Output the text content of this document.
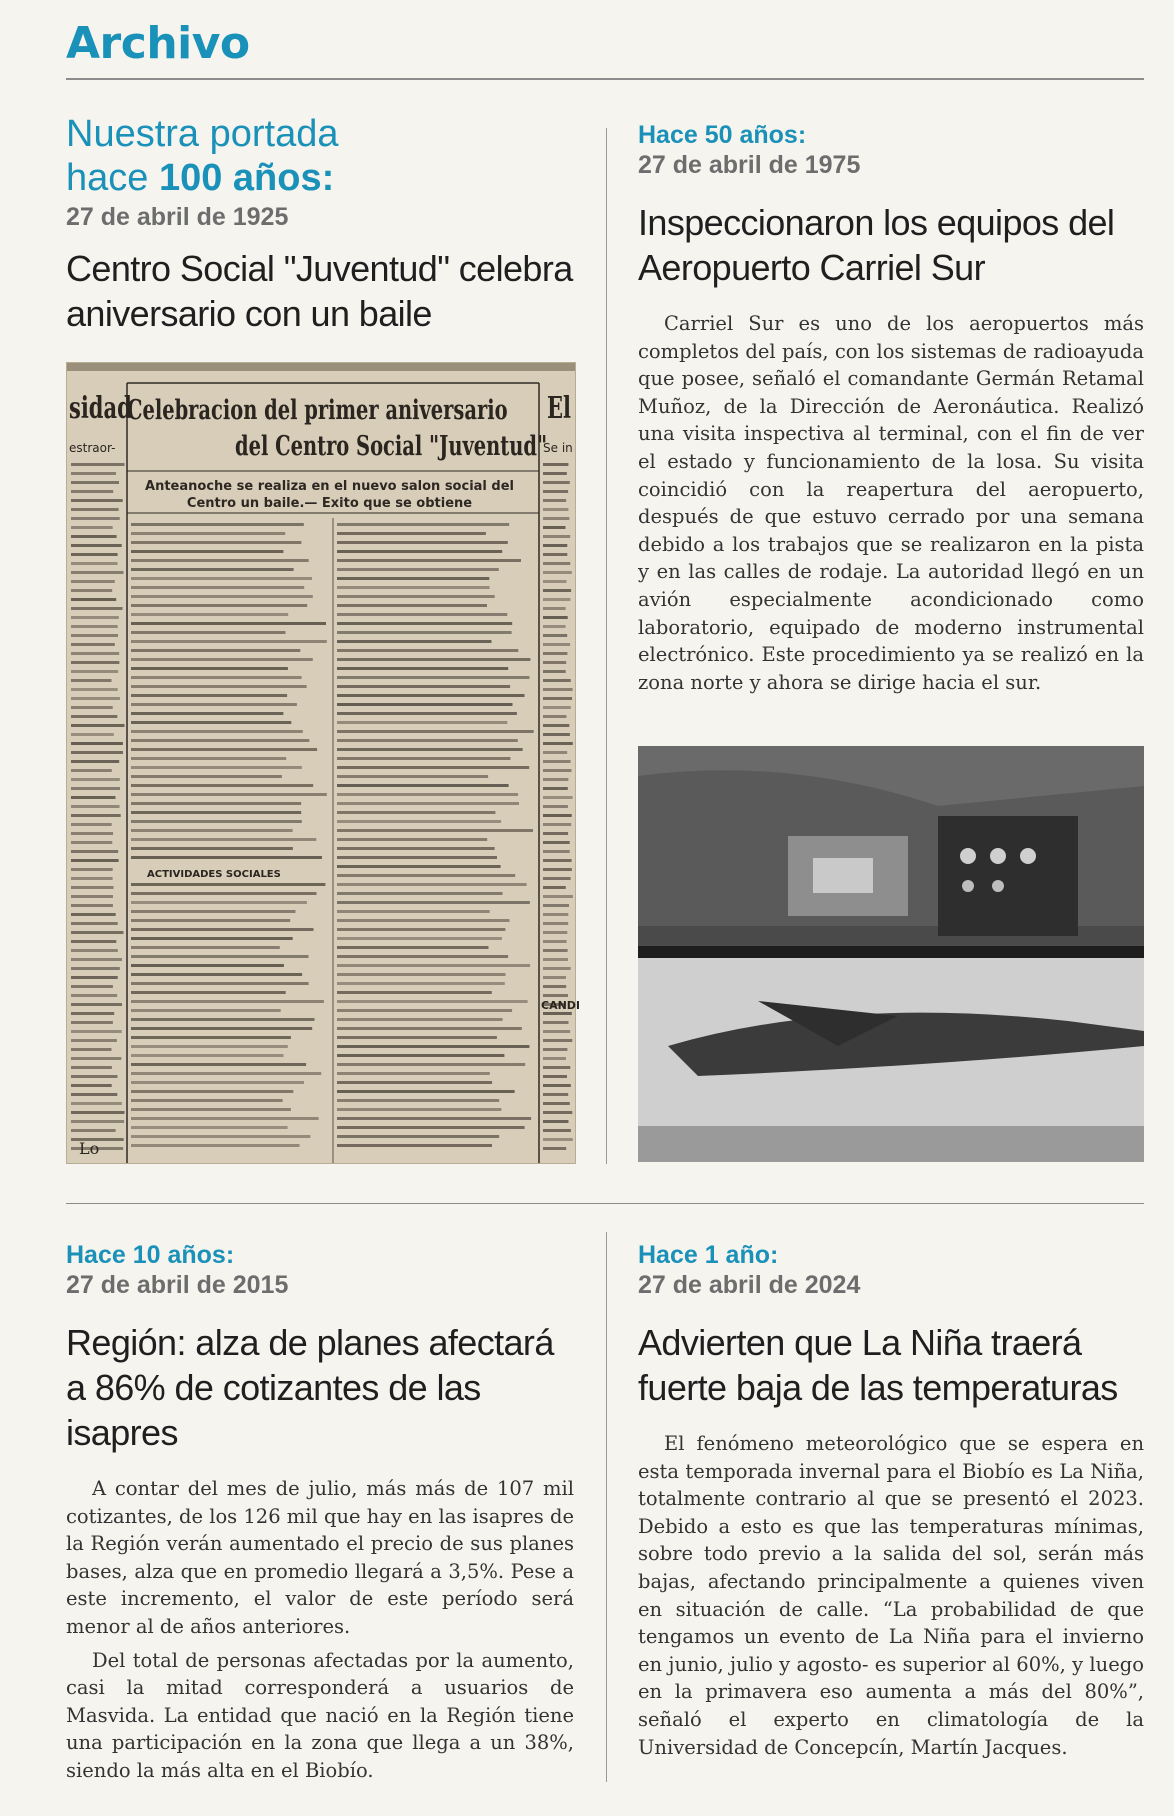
Archivo

Nuestra portada

hace 100 años:

27 de abril de 1925

Centro Social "Juventud" celebra aniversario con un baile

sidad
estraor-
El
Se in
Celebracion del primer aniversario
del Centro Social "Juventud"
Anteanoche se realiza en el nuevo salon social del Centro un baile.— Exito que se obtiene
ACTIVIDADES SOCIALES
CANDI
Lo

Hace 50 años:

27 de abril de 1975

Inspeccionaron los equipos del Aeropuerto Carriel Sur

Carriel Sur es uno de los aeropuertos más completos del país, con los sistemas de radioayuda que posee, señaló el comandante Germán Retamal Muñoz, de la Dirección de Aeronáutica. Realizó una visita inspectiva al terminal, con el fin de ver el estado y funcionamiento de la losa. Su visita coincidió con la reapertura del aeropuerto, después de que estuvo cerrado por una semana debido a los trabajos que se realizaron en la pista y en las calles de rodaje. La autoridad llegó en un avión especialmente acondicionado como laboratorio, equipado de moderno instrumental electrónico. Este procedimiento ya se realizó en la zona norte y ahora se dirige hacia el sur.

Hace 10 años:

27 de abril de 2015

Región: alza de planes afectará a 86% de cotizantes de las isapres

A contar del mes de julio, más más de 107 mil cotizantes, de los 126 mil que hay en las isapres de la Región verán aumentado el precio de sus planes bases, alza que en promedio llegará a 3,5%. Pese a este incremento, el valor de este período será menor al de años anteriores.

Del total de personas afectadas por la aumento, casi la mitad corresponderá a usuarios de Masvida. La entidad que nació en la Región tiene una participación en la zona que llega a un 38%, siendo la más alta en el Biobío.

Hace 1 año:

27 de abril de 2024

Advierten que La Niña traerá fuerte baja de las temperaturas

El fenómeno meteorológico que se espera en esta temporada invernal para el Biobío es La Niña, totalmente contrario al que se presentó el 2023. Debido a esto es que las temperaturas mínimas, sobre todo previo a la salida del sol, serán más bajas, afectando principalmente a quienes viven en situación de calle. “La probabilidad de que tengamos un evento de La Niña para el invierno en junio, julio y agosto- es superior al 60%, y luego en la primavera eso aumenta a más del 80%”, señaló el experto en climatología de la Universidad de Concepcín, Martín Jacques.
